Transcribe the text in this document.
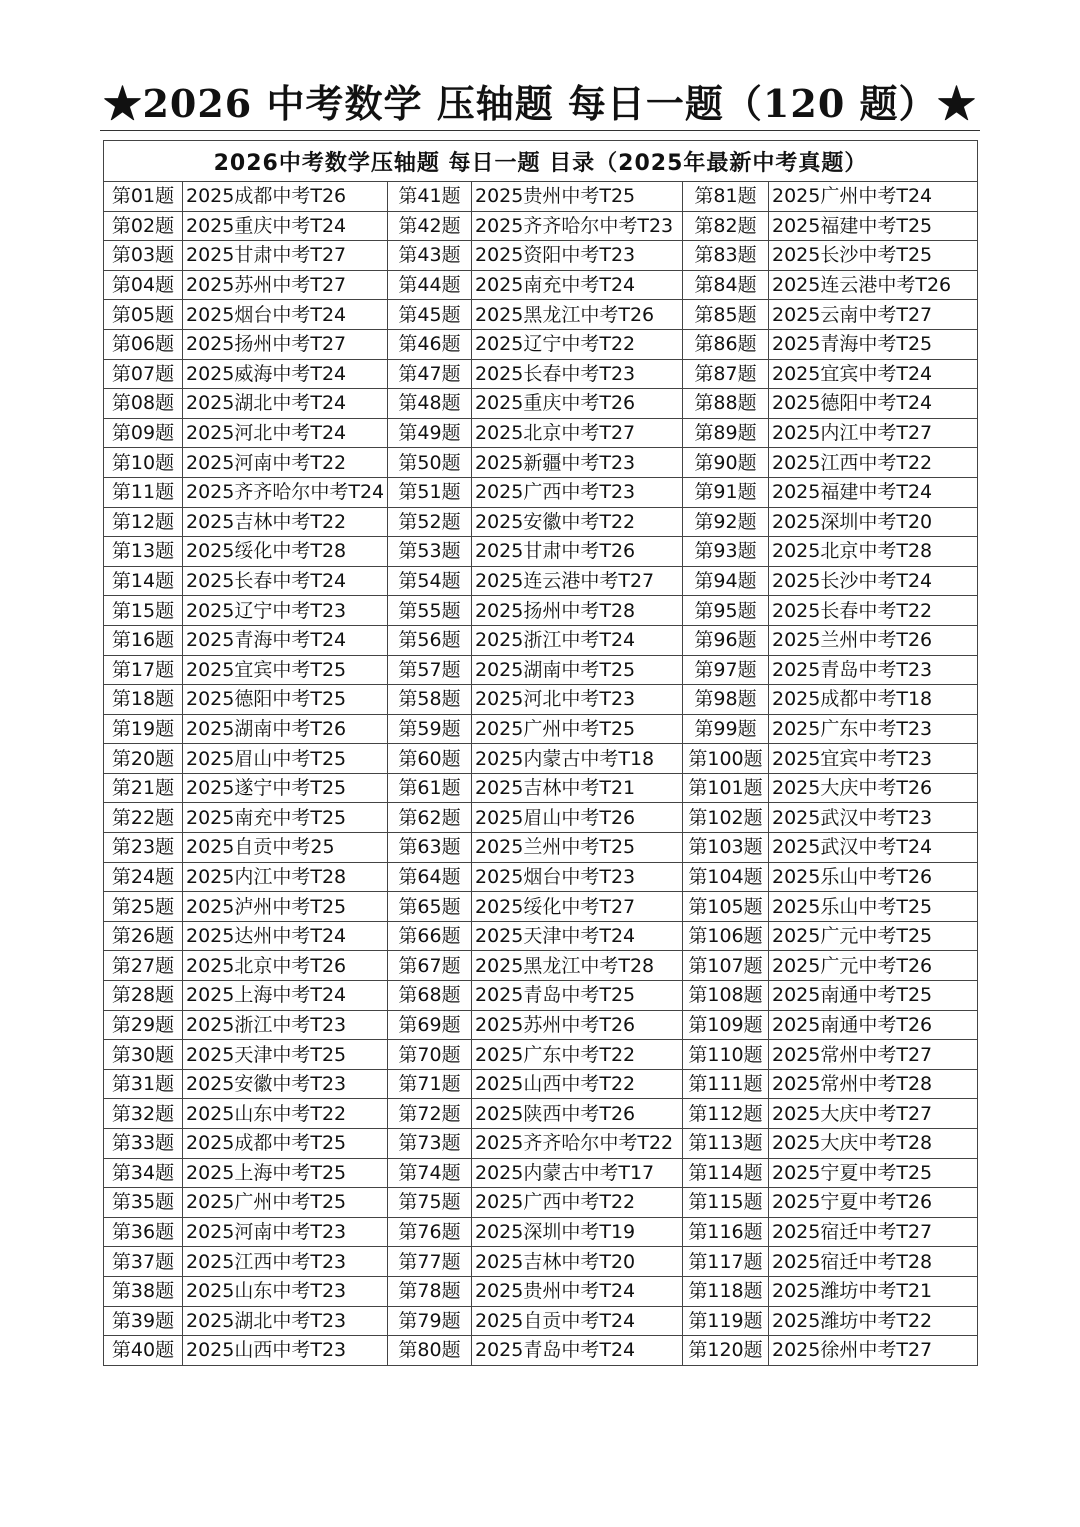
★2026 中考数学 压轴题 每日一题（120 题）★
2026中考数学压轴题 每日一题 目录（2025年最新中考真题）					
第01题	2025成都中考T26	第41题	2025贵州中考T25	第81题	2025广州中考T24
第02题	2025重庆中考T24	第42题	2025齐齐哈尔中考T23	第82题	2025福建中考T25
第03题	2025甘肃中考T27	第43题	2025资阳中考T23	第83题	2025长沙中考T25
第04题	2025苏州中考T27	第44题	2025南充中考T24	第84题	2025连云港中考T26
第05题	2025烟台中考T24	第45题	2025黑龙江中考T26	第85题	2025云南中考T27
第06题	2025扬州中考T27	第46题	2025辽宁中考T22	第86题	2025青海中考T25
第07题	2025威海中考T24	第47题	2025长春中考T23	第87题	2025宜宾中考T24
第08题	2025湖北中考T24	第48题	2025重庆中考T26	第88题	2025德阳中考T24
第09题	2025河北中考T24	第49题	2025北京中考T27	第89题	2025内江中考T27
第10题	2025河南中考T22	第50题	2025新疆中考T23	第90题	2025江西中考T22
第11题	2025齐齐哈尔中考T24	第51题	2025广西中考T23	第91题	2025福建中考T24
第12题	2025吉林中考T22	第52题	2025安徽中考T22	第92题	2025深圳中考T20
第13题	2025绥化中考T28	第53题	2025甘肃中考T26	第93题	2025北京中考T28
第14题	2025长春中考T24	第54题	2025连云港中考T27	第94题	2025长沙中考T24
第15题	2025辽宁中考T23	第55题	2025扬州中考T28	第95题	2025长春中考T22
第16题	2025青海中考T24	第56题	2025浙江中考T24	第96题	2025兰州中考T26
第17题	2025宜宾中考T25	第57题	2025湖南中考T25	第97题	2025青岛中考T23
第18题	2025德阳中考T25	第58题	2025河北中考T23	第98题	2025成都中考T18
第19题	2025湖南中考T26	第59题	2025广州中考T25	第99题	2025广东中考T23
第20题	2025眉山中考T25	第60题	2025内蒙古中考T18	第100题	2025宜宾中考T23
第21题	2025遂宁中考T25	第61题	2025吉林中考T21	第101题	2025大庆中考T26
第22题	2025南充中考T25	第62题	2025眉山中考T26	第102题	2025武汉中考T23
第23题	2025自贡中考25	第63题	2025兰州中考T25	第103题	2025武汉中考T24
第24题	2025内江中考T28	第64题	2025烟台中考T23	第104题	2025乐山中考T26
第25题	2025泸州中考T25	第65题	2025绥化中考T27	第105题	2025乐山中考T25
第26题	2025达州中考T24	第66题	2025天津中考T24	第106题	2025广元中考T25
第27题	2025北京中考T26	第67题	2025黑龙江中考T28	第107题	2025广元中考T26
第28题	2025上海中考T24	第68题	2025青岛中考T25	第108题	2025南通中考T25
第29题	2025浙江中考T23	第69题	2025苏州中考T26	第109题	2025南通中考T26
第30题	2025天津中考T25	第70题	2025广东中考T22	第110题	2025常州中考T27
第31题	2025安徽中考T23	第71题	2025山西中考T22	第111题	2025常州中考T28
第32题	2025山东中考T22	第72题	2025陕西中考T26	第112题	2025大庆中考T27
第33题	2025成都中考T25	第73题	2025齐齐哈尔中考T22	第113题	2025大庆中考T28
第34题	2025上海中考T25	第74题	2025内蒙古中考T17	第114题	2025宁夏中考T25
第35题	2025广州中考T25	第75题	2025广西中考T22	第115题	2025宁夏中考T26
第36题	2025河南中考T23	第76题	2025深圳中考T19	第116题	2025宿迁中考T27
第37题	2025江西中考T23	第77题	2025吉林中考T20	第117题	2025宿迁中考T28
第38题	2025山东中考T23	第78题	2025贵州中考T24	第118题	2025潍坊中考T21
第39题	2025湖北中考T23	第79题	2025自贡中考T24	第119题	2025潍坊中考T22
第40题	2025山西中考T23	第80题	2025青岛中考T24	第120题	2025徐州中考T27
